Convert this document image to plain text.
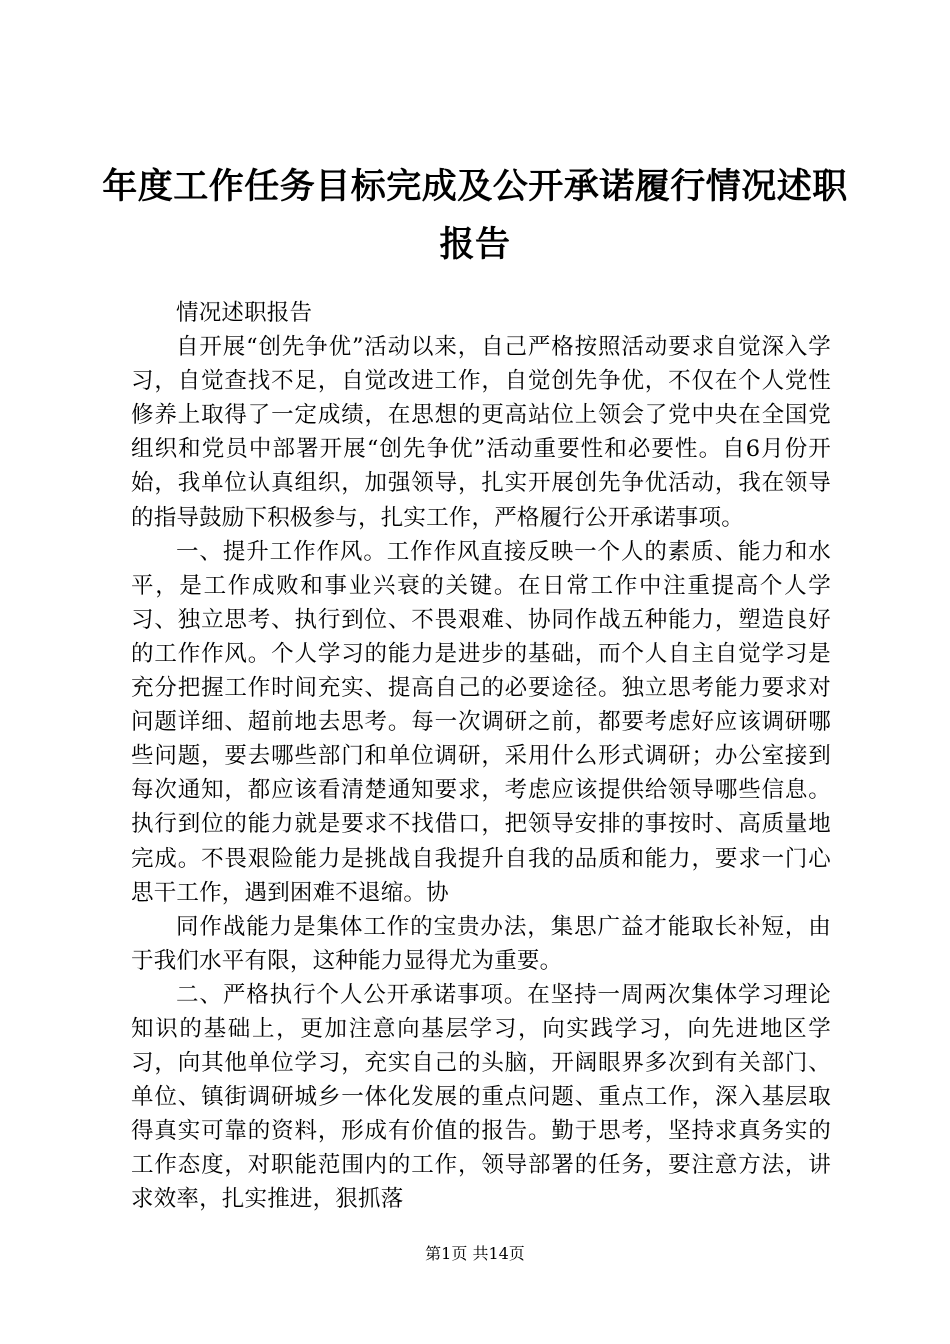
年度工作任务目标完成及公开承诺履行情况述职报告

情况述职报告

自开展“创先争优”活动以来，自己严格按照活动要求自觉深入学习，自觉查找不足，自觉改进工作，自觉创先争优，不仅在个人党性修养上取得了一定成绩，在思想的更高站位上领会了党中央在全国党组织和党员中部署开展“创先争优”活动重要性和必要性。自6月份开始，我单位认真组织，加强领导，扎实开展创先争优活动，我在领导的指导鼓励下积极参与，扎实工作，严格履行公开承诺事项。

一、提升工作作风。工作作风直接反映一个人的素质、能力和水平，是工作成败和事业兴衰的关键。在日常工作中注重提高个人学习、独立思考、执行到位、不畏艰难、协同作战五种能力，塑造良好的工作作风。个人学习的能力是进步的基础，而个人自主自觉学习是充分把握工作时间充实、提高自己的必要途径。独立思考能力要求对问题详细、超前地去思考。每一次调研之前，都要考虑好应该调研哪些问题，要去哪些部门和单位调研，采用什么形式调研；办公室接到每次通知，都应该看清楚通知要求，考虑应该提供给领导哪些信息。执行到位的能力就是要求不找借口，把领导安排的事按时、高质量地完成。不畏艰险能力是挑战自我提升自我的品质和能力，要求一门心思干工作，遇到困难不退缩。协

同作战能力是集体工作的宝贵办法，集思广益才能取长补短，由于我们水平有限，这种能力显得尤为重要。

二、严格执行个人公开承诺事项。在坚持一周两次集体学习理论知识的基础上，更加注意向基层学习，向实践学习，向先进地区学习，向其他单位学习，充实自己的头脑，开阔眼界多次到有关部门、单位、镇街调研城乡一体化发展的重点问题、重点工作，深入基层取得真实可靠的资料，形成有价值的报告。勤于思考，坚持求真务实的工作态度，对职能范围内的工作，领导部署的任务，要注意方法，讲求效率，扎实推进，狠抓落

第1页 共14页
